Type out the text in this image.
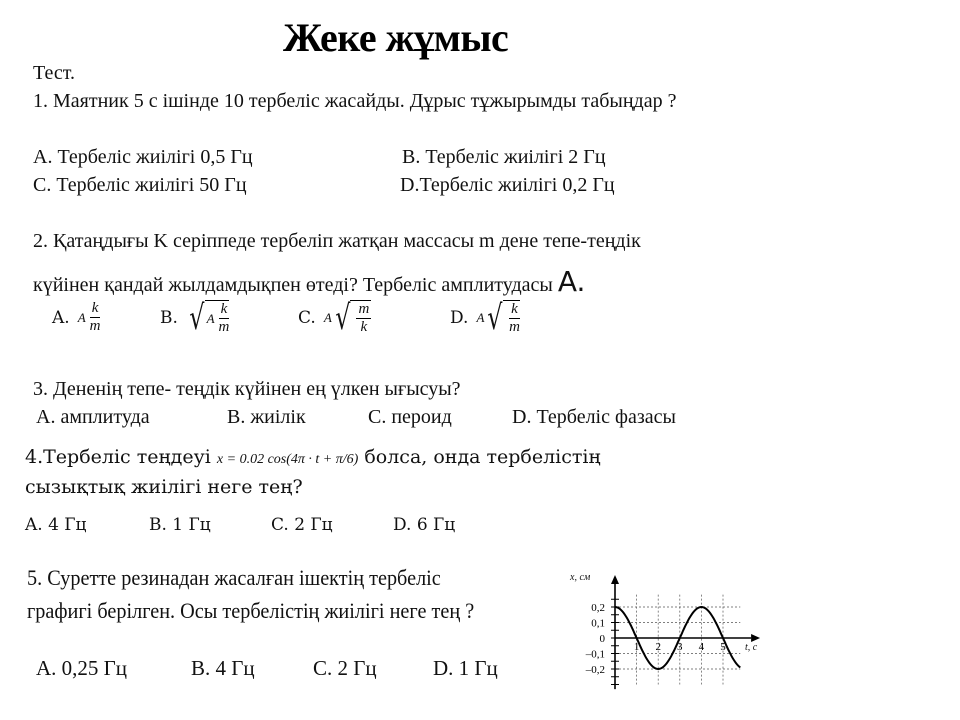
Жеке жұмыс
Тест.
1. Маятник 5 с ішінде 10 тербеліс жасайды. Дұрыс тұжырымды табыңдар ?
A. Тербеліс жиілігі 0,5 Гц	B. Тербеліс жиілігі 2 Гц
C. Тербеліс жиілігі 50 Гц	D.Тербеліс жиілігі 0,2 Гц
2. Қатаңдығы K серіппеде тербеліп жатқан массасы m дене тепе-теңдік
күйінен қандай жылдамдықпен өтеді? Тербеліс амплитудасы A.
A. A $\frac{k}{m}$	B. √ A $\frac{k}{m}$	C. A √ $\frac{m}{k}$	D. A √ $\frac{k}{m}$
3. Дененің тепе- теңдік күйінен ең үлкен ығысуы?
A. амплитуда	B. жиілік	C. пероид	D. Тербеліс фазасы
4.Тербеліс теңдеуі x = 0.02 cos(4π · t + π/6) болса, онда тербелістің
сызықтық жиілігі неге тең?
A. 4 Гц	B. 1 Гц	C. 2 Гц	D. 6 Гц
5. Суретте резинадан жасалған ішектің тербеліс
графигі берілген. Осы тербелістің жиілігі неге тең ?
A. 0,25 Гц	B. 4 Гц	C. 2 Гц	D. 1 Гц
0,2
0,1
0
–0,1
–0,2
1 2 3 4 5
x, см
t, c
